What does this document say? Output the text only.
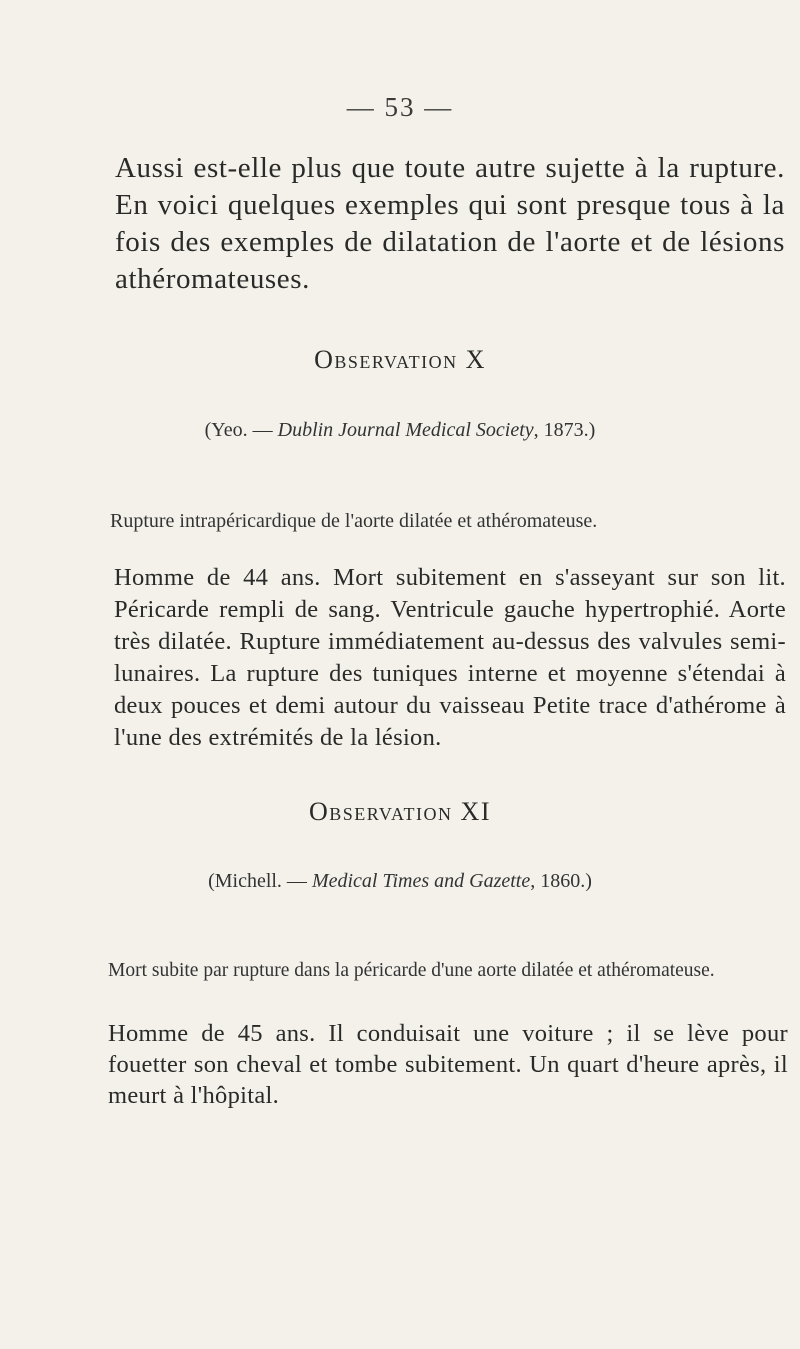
— 53 —

Aussi est-elle plus que toute autre sujette à la rupture. En voici quelques exemples qui sont presque tous à la fois des exemples de dilatation de l'aorte et de lésions athéromateuses.

Observation X
(Yeo. — Dublin Journal Medical Society, 1873.)
Rupture intrapéricardique de l'aorte dilatée et athéromateuse.

Homme de 44 ans. Mort subitement en s'asseyant sur son lit. Péricarde rempli de sang. Ventricule gauche hypertrophié. Aorte très dilatée. Rupture immédiatement au-dessus des valvules semi-lunaires. La rupture des tuniques interne et moyenne s'étendai à deux pouces et demi autour du vaisseau Petite trace d'athérome à l'une des extrémités de la lésion.

Observation XI
(Michell. — Medical Times and Gazette, 1860.)
Mort subite par rupture dans la péricarde d'une aorte dilatée et athéromateuse.

Homme de 45 ans. Il conduisait une voiture ; il se lève pour fouetter son cheval et tombe subitement. Un quart d'heure après, il meurt à l'hôpital.
